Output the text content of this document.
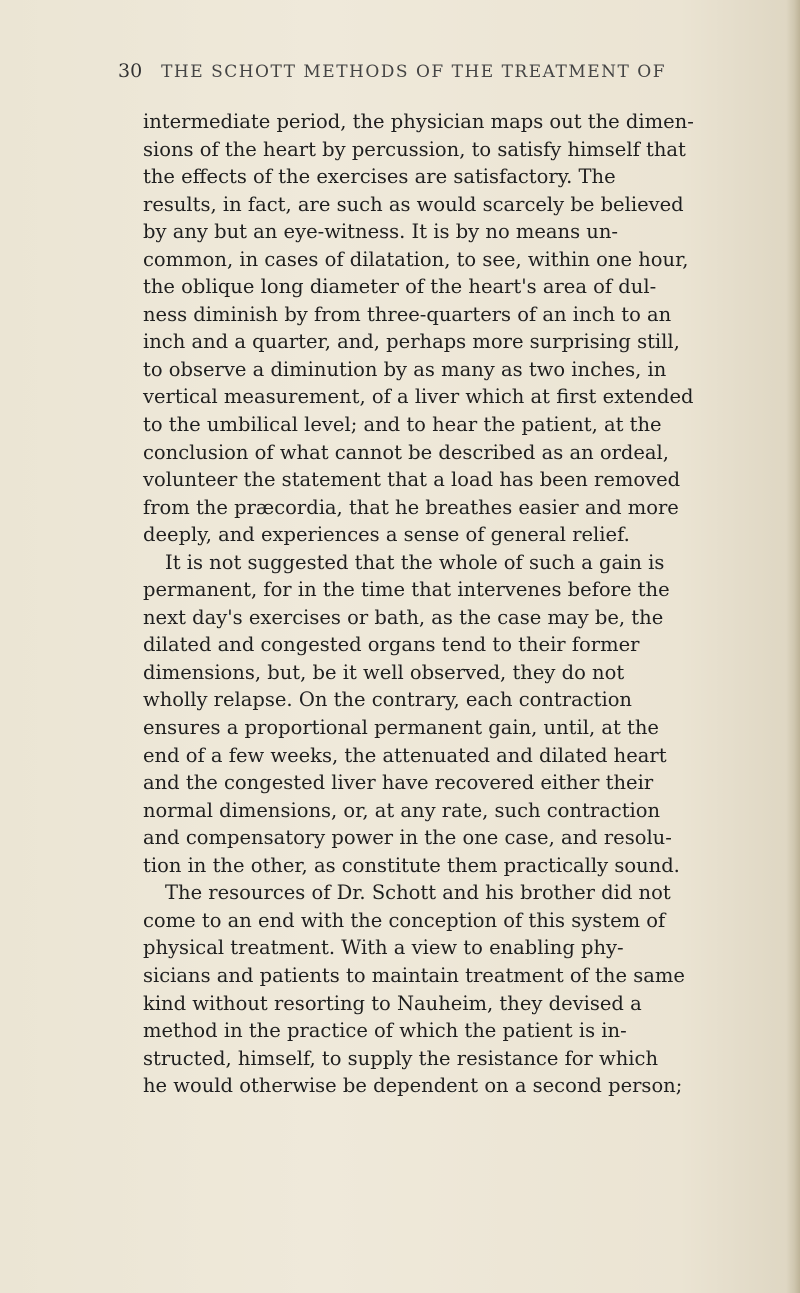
30 THE SCHOTT METHODS OF THE TREATMENT OF
intermediate period, the physician maps out the dimen-
sions of the heart by percussion, to satisfy himself that
the effects of the exercises are satisfactory. The
results, in fact, are such as would scarcely be believed
by any but an eye-witness. It is by no means un-
common, in cases of dilatation, to see, within one hour,
the oblique long diameter of the heart's area of dul-
ness diminish by from three-quarters of an inch to an
inch and a quarter, and, perhaps more surprising still,
to observe a diminution by as many as two inches, in
vertical measurement, of a liver which at first extended
to the umbilical level; and to hear the patient, at the
conclusion of what cannot be described as an ordeal,
volunteer the statement that a load has been removed
from the præcordia, that he breathes easier and more
deeply, and experiences a sense of general relief.
It is not suggested that the whole of such a gain is
permanent, for in the time that intervenes before the
next day's exercises or bath, as the case may be, the
dilated and congested organs tend to their former
dimensions, but, be it well observed, they do not
wholly relapse. On the contrary, each contraction
ensures a proportional permanent gain, until, at the
end of a few weeks, the attenuated and dilated heart
and the congested liver have recovered either their
normal dimensions, or, at any rate, such contraction
and compensatory power in the one case, and resolu-
tion in the other, as constitute them practically sound.
The resources of Dr. Schott and his brother did not
come to an end with the conception of this system of
physical treatment. With a view to enabling phy-
sicians and patients to maintain treatment of the same
kind without resorting to Nauheim, they devised a
method in the practice of which the patient is in-
structed, himself, to supply the resistance for which
he would otherwise be dependent on a second person;
